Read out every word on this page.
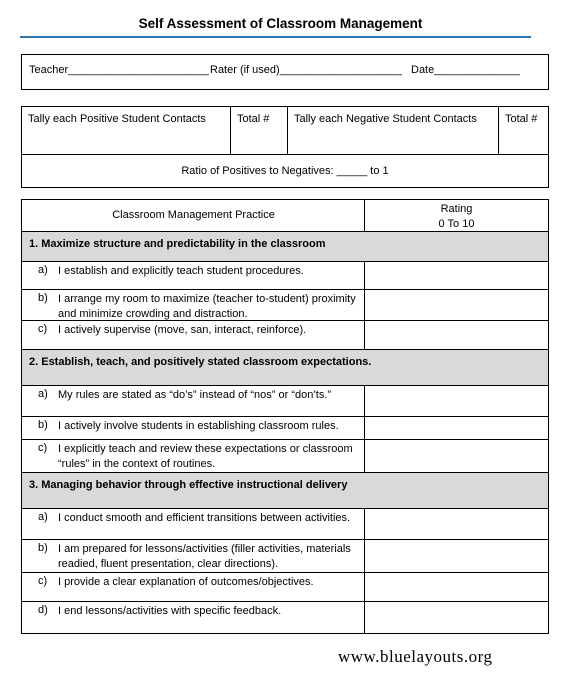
Self Assessment of Classroom Management
Teacher_______________________ Rater (if used)____________________ Date______________
Tally each Positive Student Contacts	Total #	Tally each Negative Student Contacts	Total #
Ratio of Positives to Negatives: _____ to 1
Classroom Management Practice	Rating
0 To 10
1. Maximize structure and predictability in the classroom
a) I establish and explicitly teach student procedures.
b) I arrange my room to maximize (teacher to-student) proximity and minimize crowding and distraction.
c) I actively supervise (move, san, interact, reinforce).
2. Establish, teach, and positively stated classroom expectations.
a) My rules are stated as “do’s” instead of “nos” or “don’ts.”
b) I actively involve students in establishing classroom rules.
c) I explicitly teach and review these expectations or classroom “rules” in the context of routines.
3. Managing behavior through effective instructional delivery
a) I conduct smooth and efficient transitions between activities.
b) I am prepared for lessons/activities (filler activities, materials readied, fluent presentation, clear directions).
c) I provide a clear explanation of outcomes/objectives.
d) I end lessons/activities with specific feedback.
www.bluelayouts.org
